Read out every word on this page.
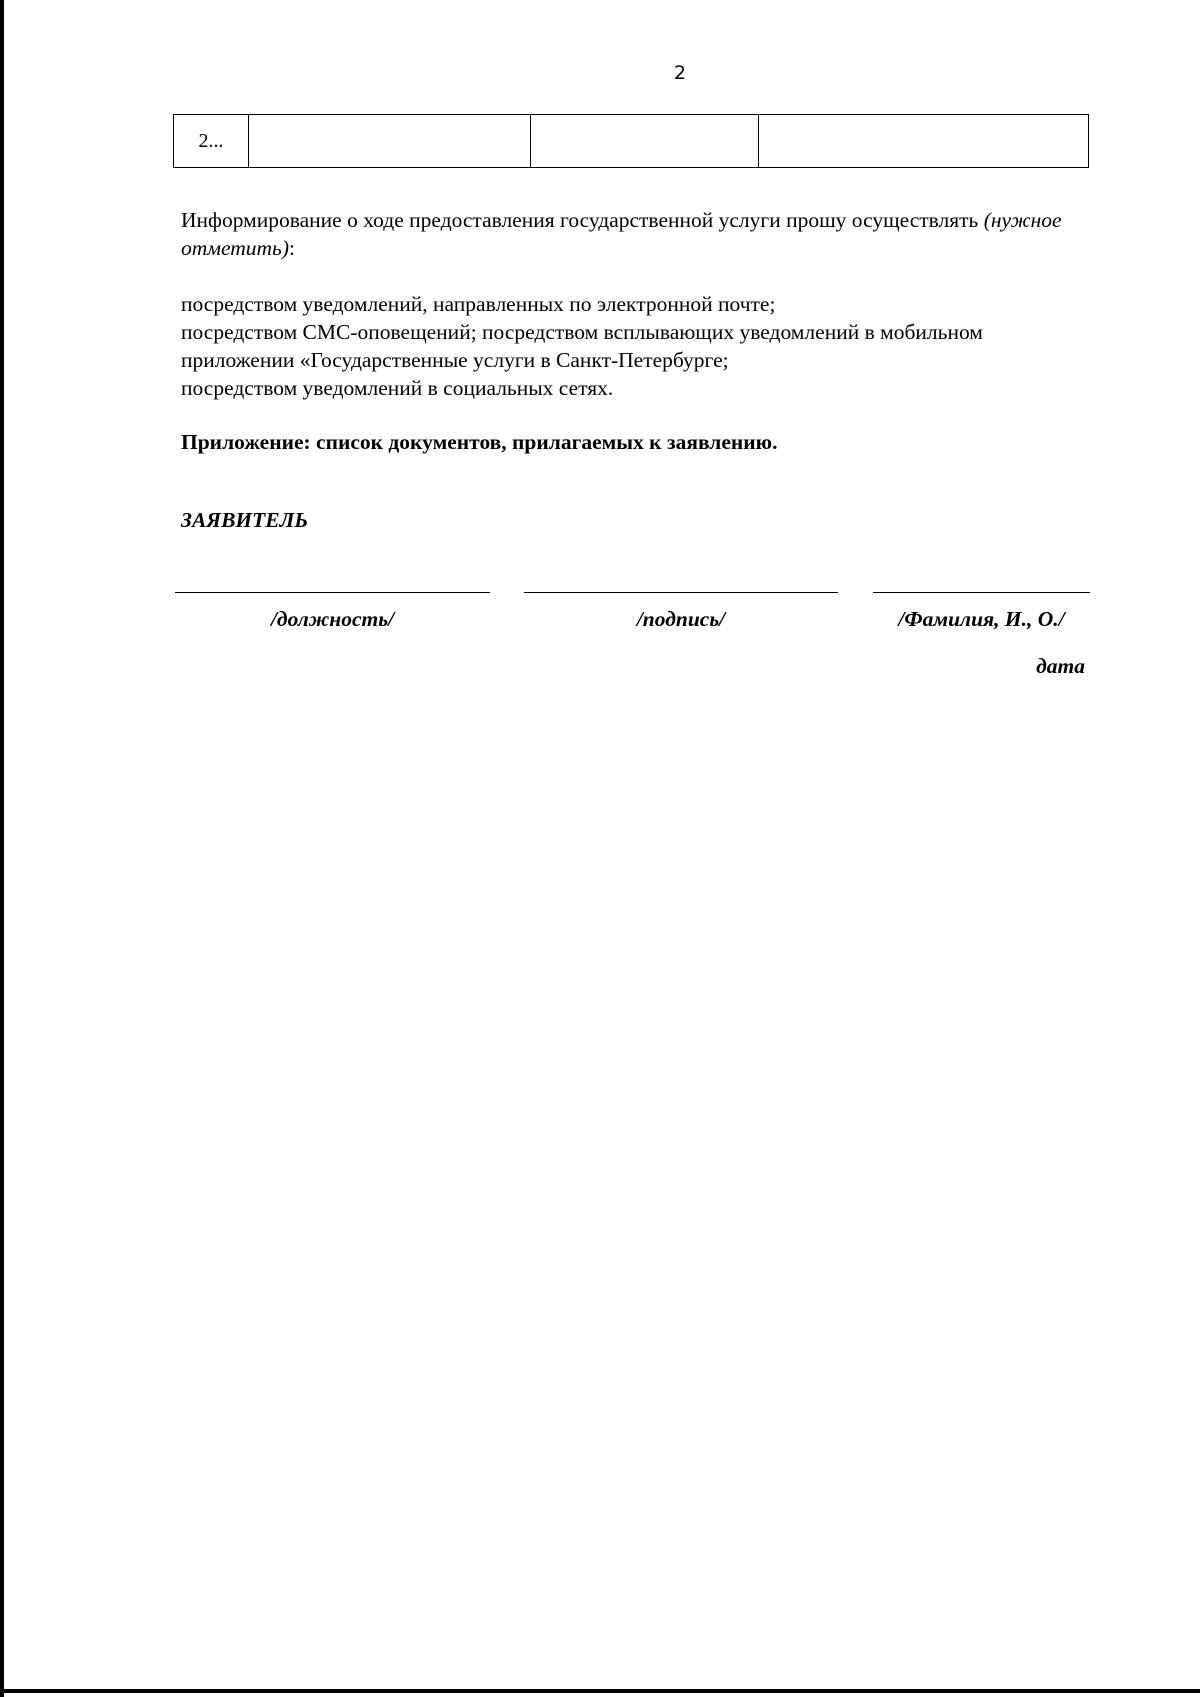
2
2...

Информирование о ходе предоставления государственной услуги прошу осуществлять (нужное отметить):

посредством уведомлений, направленных по электронной почте;
посредством СМС-оповещений; посредством всплывающих уведомлений в мобильном
приложении «Государственные услуги в Санкт-Петербурге;
посредством уведомлений в социальных сетях.

Приложение: список документов, прилагаемых к заявлению.

ЗАЯВИТЕЛЬ

/должность/	/подпись/	/Фамилия, И., О./
дата
